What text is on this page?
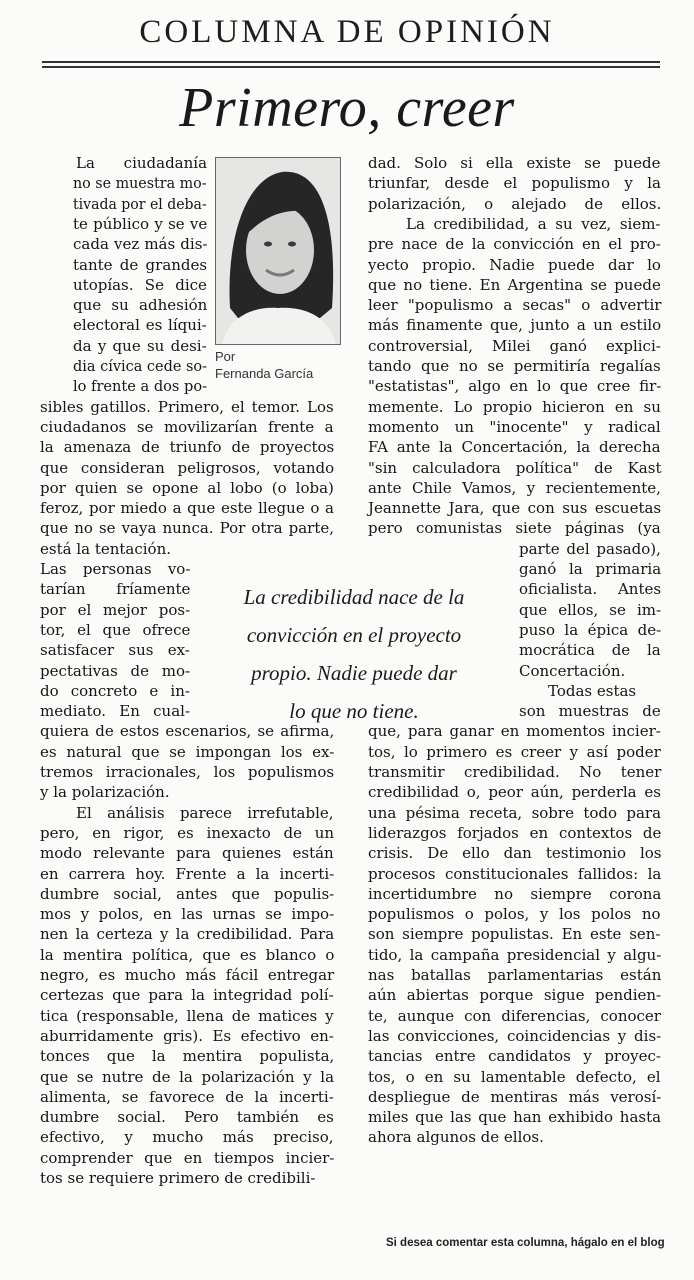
COLUMNA DE OPINIÓN
Primero, creer
La ciudadanía
no se muestra mo-
tivada por el deba-
te público y se ve
cada vez más dis-
tante de grandes
utopías. Se dice
que su adhesión
electoral es líqui-
da y que su desi-
dia cívica cede so-
lo frente a dos po-
sibles gatillos. Primero, el temor. Los
ciudadanos se movilizarían frente a
la amenaza de triunfo de proyectos
que consideran peligrosos, votando
por quien se opone al lobo (o loba)
feroz, por miedo a que este llegue o a
que no se vaya nunca. Por otra parte,
está la tentación.
Las personas vo-
tarían fríamente
por el mejor pos-
tor, el que ofrece
satisfacer sus ex-
pectativas de mo-
do concreto e in-
mediato. En cual-
quiera de estos escenarios, se afirma,
es natural que se impongan los ex-
tremos irracionales, los populismos
y la polarización.
El análisis parece irrefutable,
pero, en rigor, es inexacto de un
modo relevante para quienes están
en carrera hoy. Frente a la incerti-
dumbre social, antes que populis-
mos y polos, en las urnas se impo-
nen la certeza y la credibilidad. Para
la mentira política, que es blanco o
negro, es mucho más fácil entregar
certezas que para la integridad polí-
tica (responsable, llena de matices y
aburridamente gris). Es efectivo en-
tonces que la mentira populista,
que se nutre de la polarización y la
alimenta, se favorece de la incerti-
dumbre social. Pero también es
efectivo, y mucho más preciso,
comprender que en tiempos incier-
tos se requiere primero de credibili-
dad. Solo si ella existe se puede
triunfar, desde el populismo y la
polarización, o alejado de ellos.
La credibilidad, a su vez, siem-
pre nace de la convicción en el pro-
yecto propio. Nadie puede dar lo
que no tiene. En Argentina se puede
leer "populismo a secas" o advertir
más finamente que, junto a un estilo
controversial, Milei ganó explici-
tando que no se permitiría regalías
"estatistas", algo en lo que cree fir-
memente. Lo propio hicieron en su
momento un "inocente" y radical
FA ante la Concertación, la derecha
"sin calculadora política" de Kast
ante Chile Vamos, y recientemente,
Jeannette Jara, que con sus escuetas
pero comunistas siete páginas (ya
parte del pasado),
ganó la primaria
oficialista. Antes
que ellos, se im-
puso la épica de-
mocrática de la
Concertación.
Todas estas
son muestras de
que, para ganar en momentos incier-
tos, lo primero es creer y así poder
transmitir credibilidad. No tener
credibilidad o, peor aún, perderla es
una pésima receta, sobre todo para
liderazgos forjados en contextos de
crisis. De ello dan testimonio los
procesos constitucionales fallidos: la
incertidumbre no siempre corona
populismos o polos, y los polos no
son siempre populistas. En este sen-
tido, la campaña presidencial y algu-
nas batallas parlamentarias están
aún abiertas porque sigue pendien-
te, aunque con diferencias, conocer
las convicciones, coincidencias y dis-
tancias entre candidatos y proyec-
tos, o en su lamentable defecto, el
despliegue de mentiras más verosí-
miles que las que han exhibido hasta
ahora algunos de ellos.
Por
Fernanda García
La credibilidad nace de la
convicción en el proyecto
propio. Nadie puede dar
lo que no tiene.
Si desea comentar esta columna, hágalo en el blog
